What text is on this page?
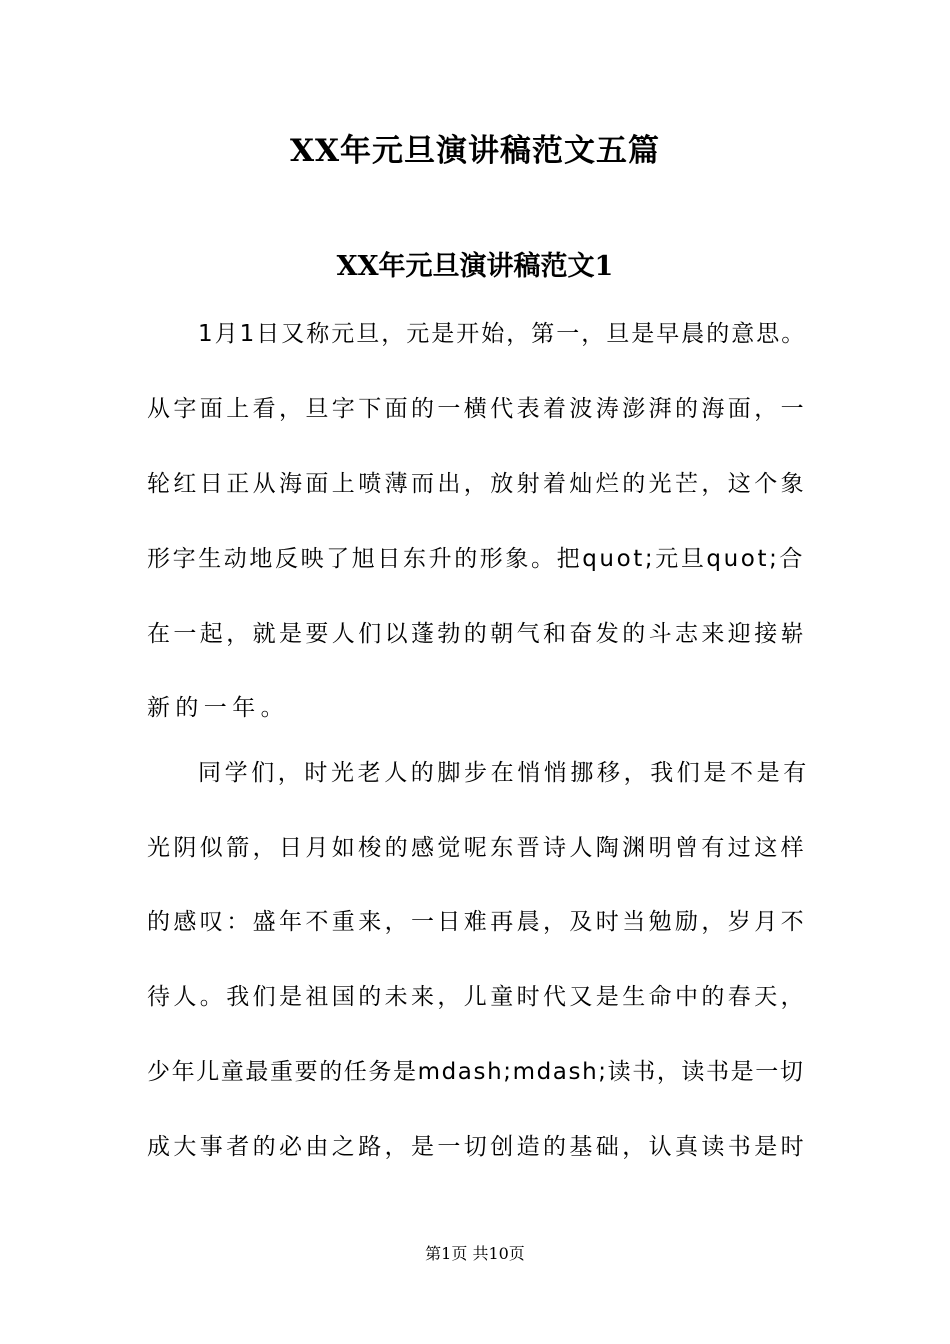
XX年元旦演讲稿范文五篇
XX年元旦演讲稿范文1
1月1日又称元旦，元是开始，第一，旦是早晨的意思。
从字面上看，旦字下面的一横代表着波涛澎湃的海面，一
轮红日正从海面上喷薄而出，放射着灿烂的光芒，这个象
形字生动地反映了旭日东升的形象。把quot;元旦quot;合
在一起，就是要人们以蓬勃的朝气和奋发的斗志来迎接崭
新的一年。
同学们，时光老人的脚步在悄悄挪移，我们是不是有
光阴似箭，日月如梭的感觉呢东晋诗人陶渊明曾有过这样
的感叹：盛年不重来，一日难再晨，及时当勉励，岁月不
待人。我们是祖国的未来，儿童时代又是生命中的春天，
少年儿童最重要的任务是mdash;mdash;读书，读书是一切
成大事者的必由之路，是一切创造的基础，认真读书是时
第1页 共10页
